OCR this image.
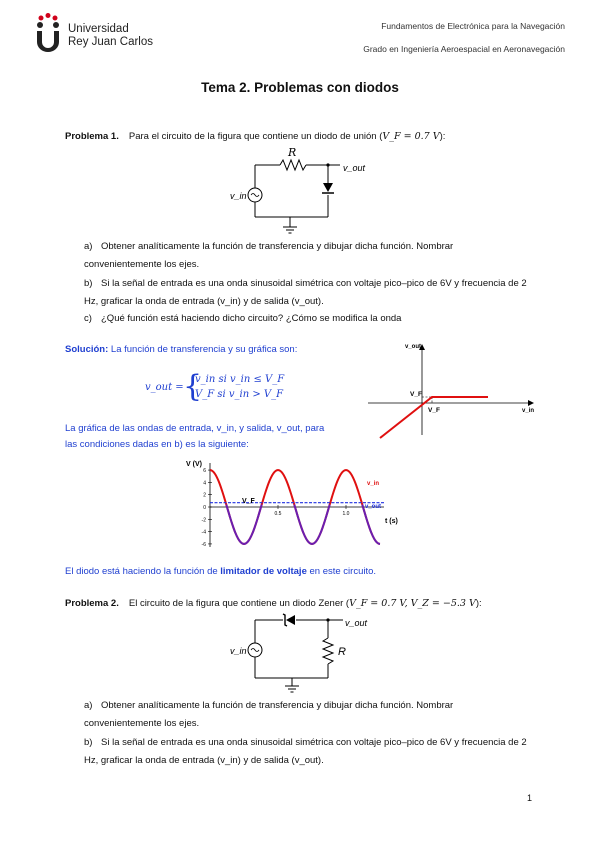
Universidad
Rey Juan Carlos
Fundamentos de Electrónica para la Navegación
Grado en Ingeniería Aeroespacial en Aeronavegación
Tema 2. Problemas con diodos
Problema 1. Para el circuito de la figura que contiene un diodo de unión (V_F = 0.7 V):
R
v_out
v_in
a) Obtener analíticamente la función de transferencia y dibujar dicha función. Nombrar convenientemente los ejes.
b) Si la señal de entrada es una onda sinusoidal simétrica con voltaje pico–pico de 6V y frecuencia de 2 Hz, graficar la onda de entrada (v_in) y de salida (v_out).
c) ¿Qué función está haciendo dicho circuito? ¿Cómo se modifica la onda
Solución: La función de transferencia y su gráfica son:
v_out = {
v_in si v_in ≤ V_F
V_F si v_in > V_F
v_out
v_in
V_F
V_F
La gráfica de las ondas de entrada, v_in, y salida, v_out, para
las condiciones dadas en b) es la siguiente:
V (V)
t (s)
6
4
2
0
-2
-4
-6
0.5	1.0
V_F
v_in
v_out
El diodo está haciendo la función de limitador de voltaje en este circuito.
Problema 2. El circuito de la figura que contiene un diodo Zener (V_F = 0.7 V, V_Z = −5.3 V):
v_out
R
v_in
a) Obtener analíticamente la función de transferencia y dibujar dicha función. Nombrar convenientemente los ejes.
b) Si la señal de entrada es una onda sinusoidal simétrica con voltaje pico–pico de 6V y frecuencia de 2 Hz, graficar la onda de entrada (v_in) y de salida (v_out).
1
